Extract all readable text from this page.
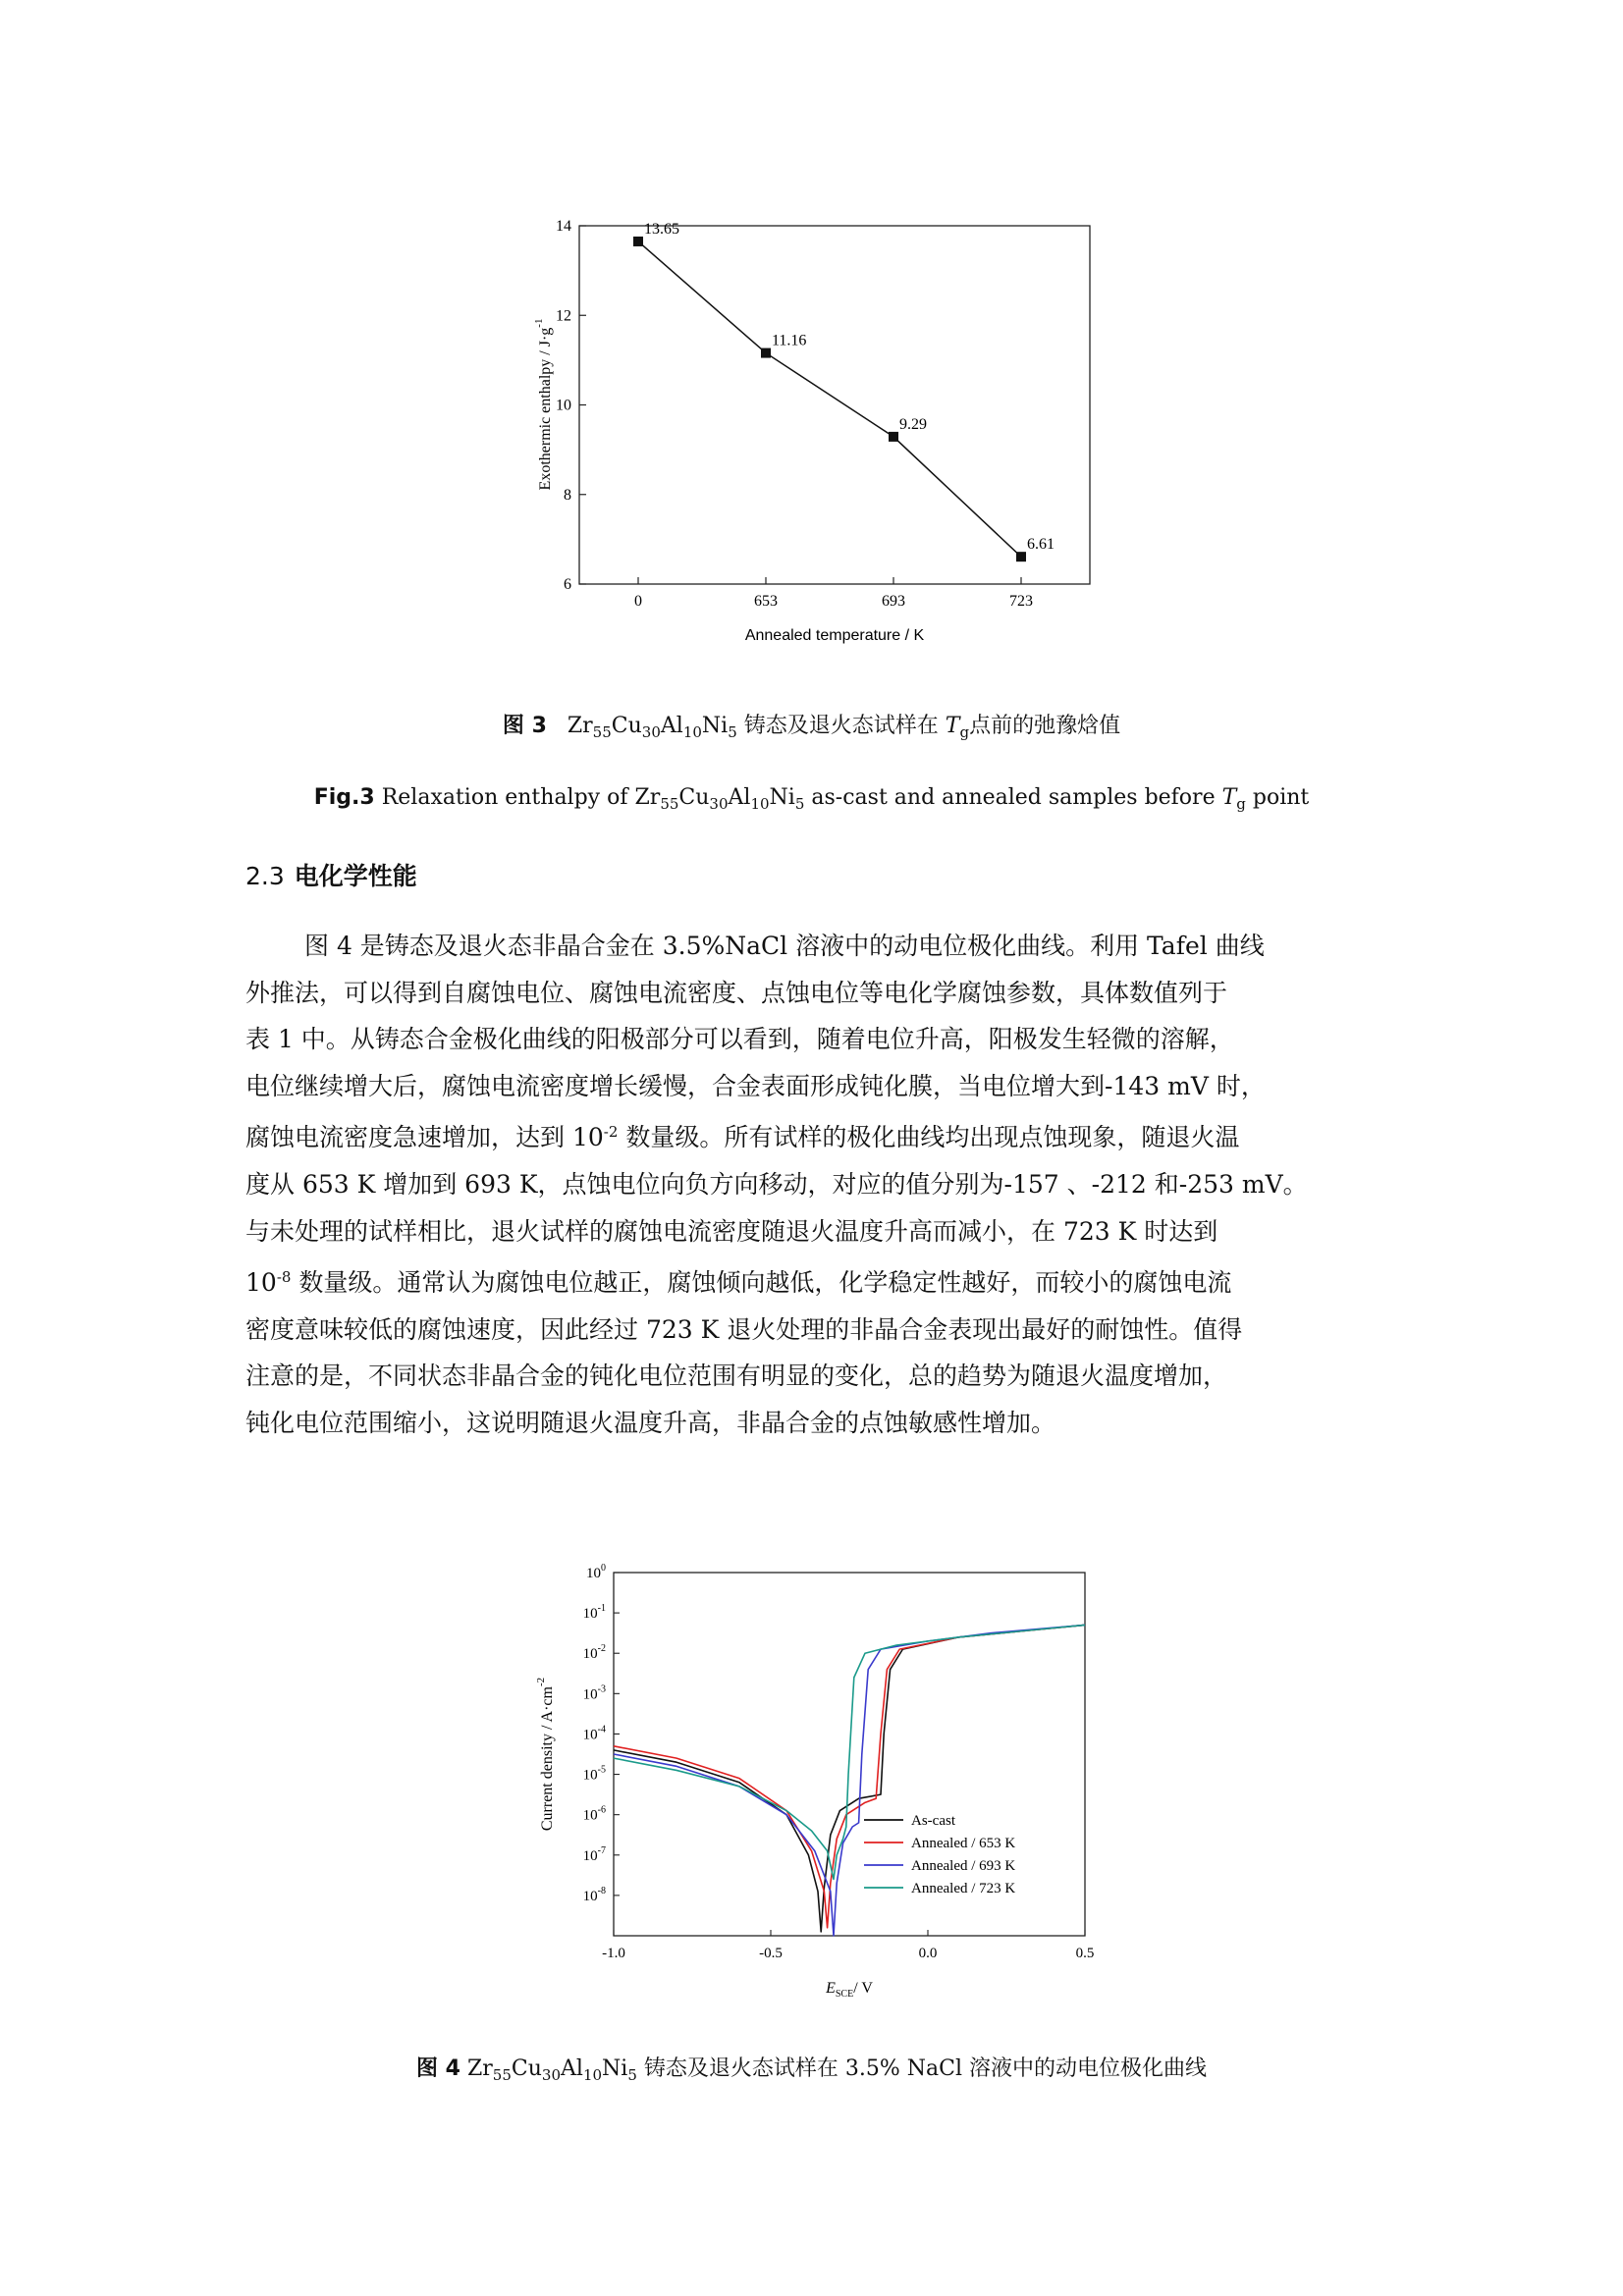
6
8
10
12
14
0	653	693	723
13.65
11.16
9.29
6.61
Annealed temperature / K
Exothermic enthalpy / $J\cdot g^{-1}$
图 3 $Zr_{55}Cu_{30}Al_{10}Ni_5$ 铸态及退火态试样在 $T_g$点前的弛豫焓值
Fig.3 Relaxation enthalpy of $Zr_{55}Cu_{30}Al_{10}Ni_5$ as-cast and annealed samples before $T_g$ point
2.3 电化学性能
图 4 是铸态及退火态非晶合金在 3.5%NaCl 溶液中的动电位极化曲线。利用 Tafel 曲线
外推法，可以得到自腐蚀电位、腐蚀电流密度、点蚀电位等电化学腐蚀参数，具体数值列于
表 1 中。从铸态合金极化曲线的阳极部分可以看到，随着电位升高，阳极发生轻微的溶解，
电位继续增大后，腐蚀电流密度增长缓慢，合金表面形成钝化膜，当电位增大到-143 mV 时，
腐蚀电流密度急速增加，达到 $10^{-2}$ 数量级。所有试样的极化曲线均出现点蚀现象，随退火温
度从 653 K 增加到 693 K，点蚀电位向负方向移动，对应的值分别为-157 、-212 和-253 mV。
与未处理的试样相比，退火试样的腐蚀电流密度随退火温度升高而减小，在 723 K 时达到
$10^{-8}$ 数量级。通常认为腐蚀电位越正，腐蚀倾向越低，化学稳定性越好，而较小的腐蚀电流
密度意味较低的腐蚀速度，因此经过 723 K 退火处理的非晶合金表现出最好的耐蚀性。值得
注意的是，不同状态非晶合金的钝化电位范围有明显的变化，总的趋势为随退火温度增加，
钝化电位范围缩小，这说明随退火温度升高，非晶合金的点蚀敏感性增加。
$10^0$
$10^{-1}$
$10^{-2}$
$10^{-3}$
$10^{-4}$
$10^{-5}$
$10^{-6}$
$10^{-7}$
$10^{-8}$
-1.0	-0.5	0.0	0.5
As-cast
Annealed / 653 K
Annealed / 693 K
Annealed / 723 K
$E_{SCE}/$ V
Current density / $A\cdot cm^{-2}$
图 4 $Zr_{55}Cu_{30}Al_{10}Ni_5$ 铸态及退火态试样在 3.5% NaCl 溶液中的动电位极化曲线
